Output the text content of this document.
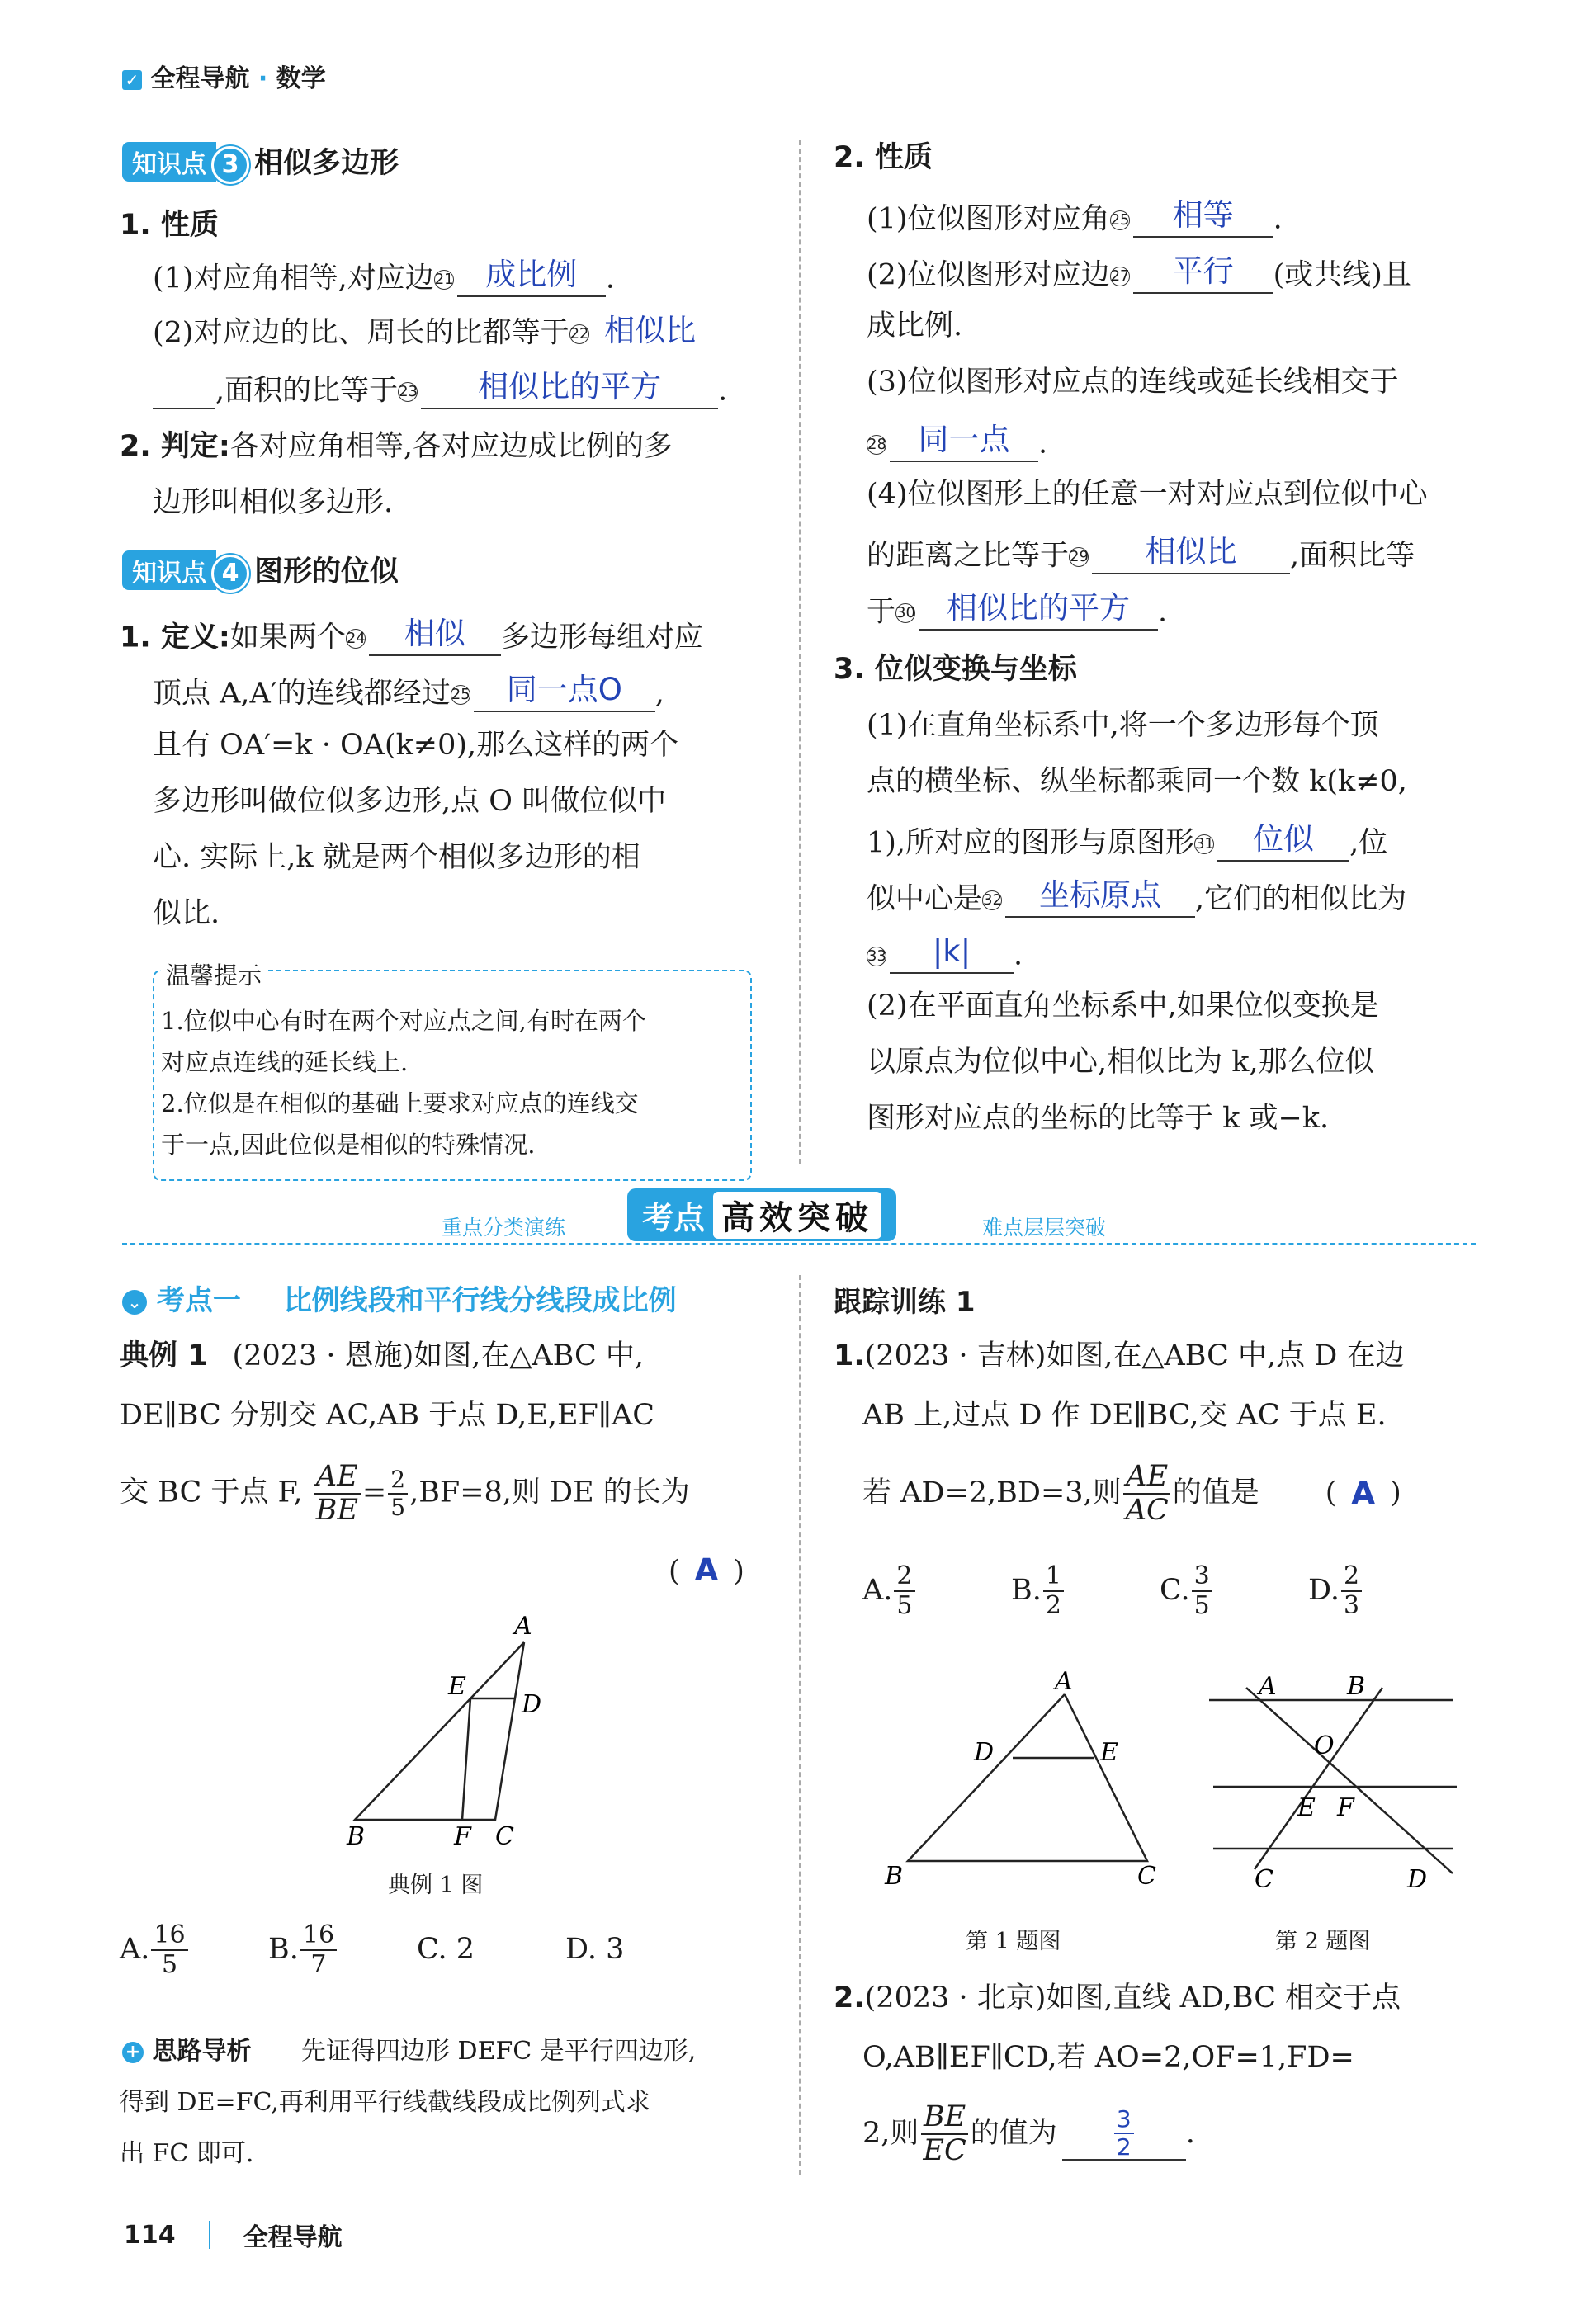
✓ 全程导航 · 数学
知识点 3 相似多边形
1. 性质
(1)对应角相等,对应边21 成比例 .
(2)对应边的比、周长的比都等于22 相似比
,面积的比等于23 相似比的平方 .
2. 判定:各对应角相等,各对应边成比例的多
边形叫相似多边形.
知识点 4 图形的位似
1. 定义:如果两个24 相似 多边形每组对应
顶点 A,A′的连线都经过25 同一点O ,
且有 OA′=k · OA(k≠0),那么这样的两个
多边形叫做位似多边形,点 O 叫做位似中
心. 实际上,k 就是两个相似多边形的相
似比.
温馨提示
1.位似中心有时在两个对应点之间,有时在两个
对应点连线的延长线上.
2.位似是在相似的基础上要求对应点的连线交
于一点,因此位似是相似的特殊情况.
2. 性质
(1)位似图形对应角25 相等 .
(2)位似图形对应边27 平行 (或共线)且
成比例.
(3)位似图形对应点的连线或延长线相交于
28 同一点 .
(4)位似图形上的任意一对对应点到位似中心
的距离之比等于29 相似比 ,面积比等
于30 相似比的平方 .
3. 位似变换与坐标
(1)在直角坐标系中,将一个多边形每个顶
点的横坐标、纵坐标都乘同一个数 k(k≠0,
1),所对应的图形与原图形31 位似 ,位
似中心是32 坐标原点 ,它们的相似比为
33 |k| .
(2)在平面直角坐标系中,如果位似变换是
以原点为位似中心,相似比为 k,那么位似
图形对应点的坐标的比等于 k 或−k.
重点分类演练 考点 高效突破	难点层层突破
⌄ 考点一 比例线段和平行线分线段成比例
典例 1 (2023 · 恩施)如图,在△ABC 中,
DE∥BC 分别交 AC,AB 于点 D,E,EF∥AC
交 BC 于点 F, $\frac{AE}{BE} = \frac{2}{5} ,BF=8$,则 DE 的长为
( A )
A
E
D
B	F C
典例 1 图
A. $\frac{16}{5}$	B. $\frac{16}{7}$	C. 2	D. 3
+ 思路导析 先证得四边形 DEFC 是平行四边形,
得到 DE=FC,再利用平行线截线段成比例列式求
出 FC 即可.
跟踪训练 1
1.(2023 · 吉林)如图,在△ABC 中,点 D 在边
AB 上,过点 D 作 DE∥BC,交 AC 于点 E.
若 AD=2,BD=3,则 $\frac{AE}{AC}$ 的值是 ( A )
A. $\frac{2}{5}$	B. $\frac{1}{2}$	C. $\frac{3}{5}$	D. $\frac{2}{3}$
A
D	E
B	C
第 1 题图
A	B
O
E F
C	D
第 2 题图
2.(2023 · 北京)如图,直线 AD,BC 相交于点
O,AB∥EF∥CD,若 AO=2,OF=1,FD=
2,则 $\frac{BE}{EC}$ 的值为 $\frac{3}{2}$ .
114	全程导航
